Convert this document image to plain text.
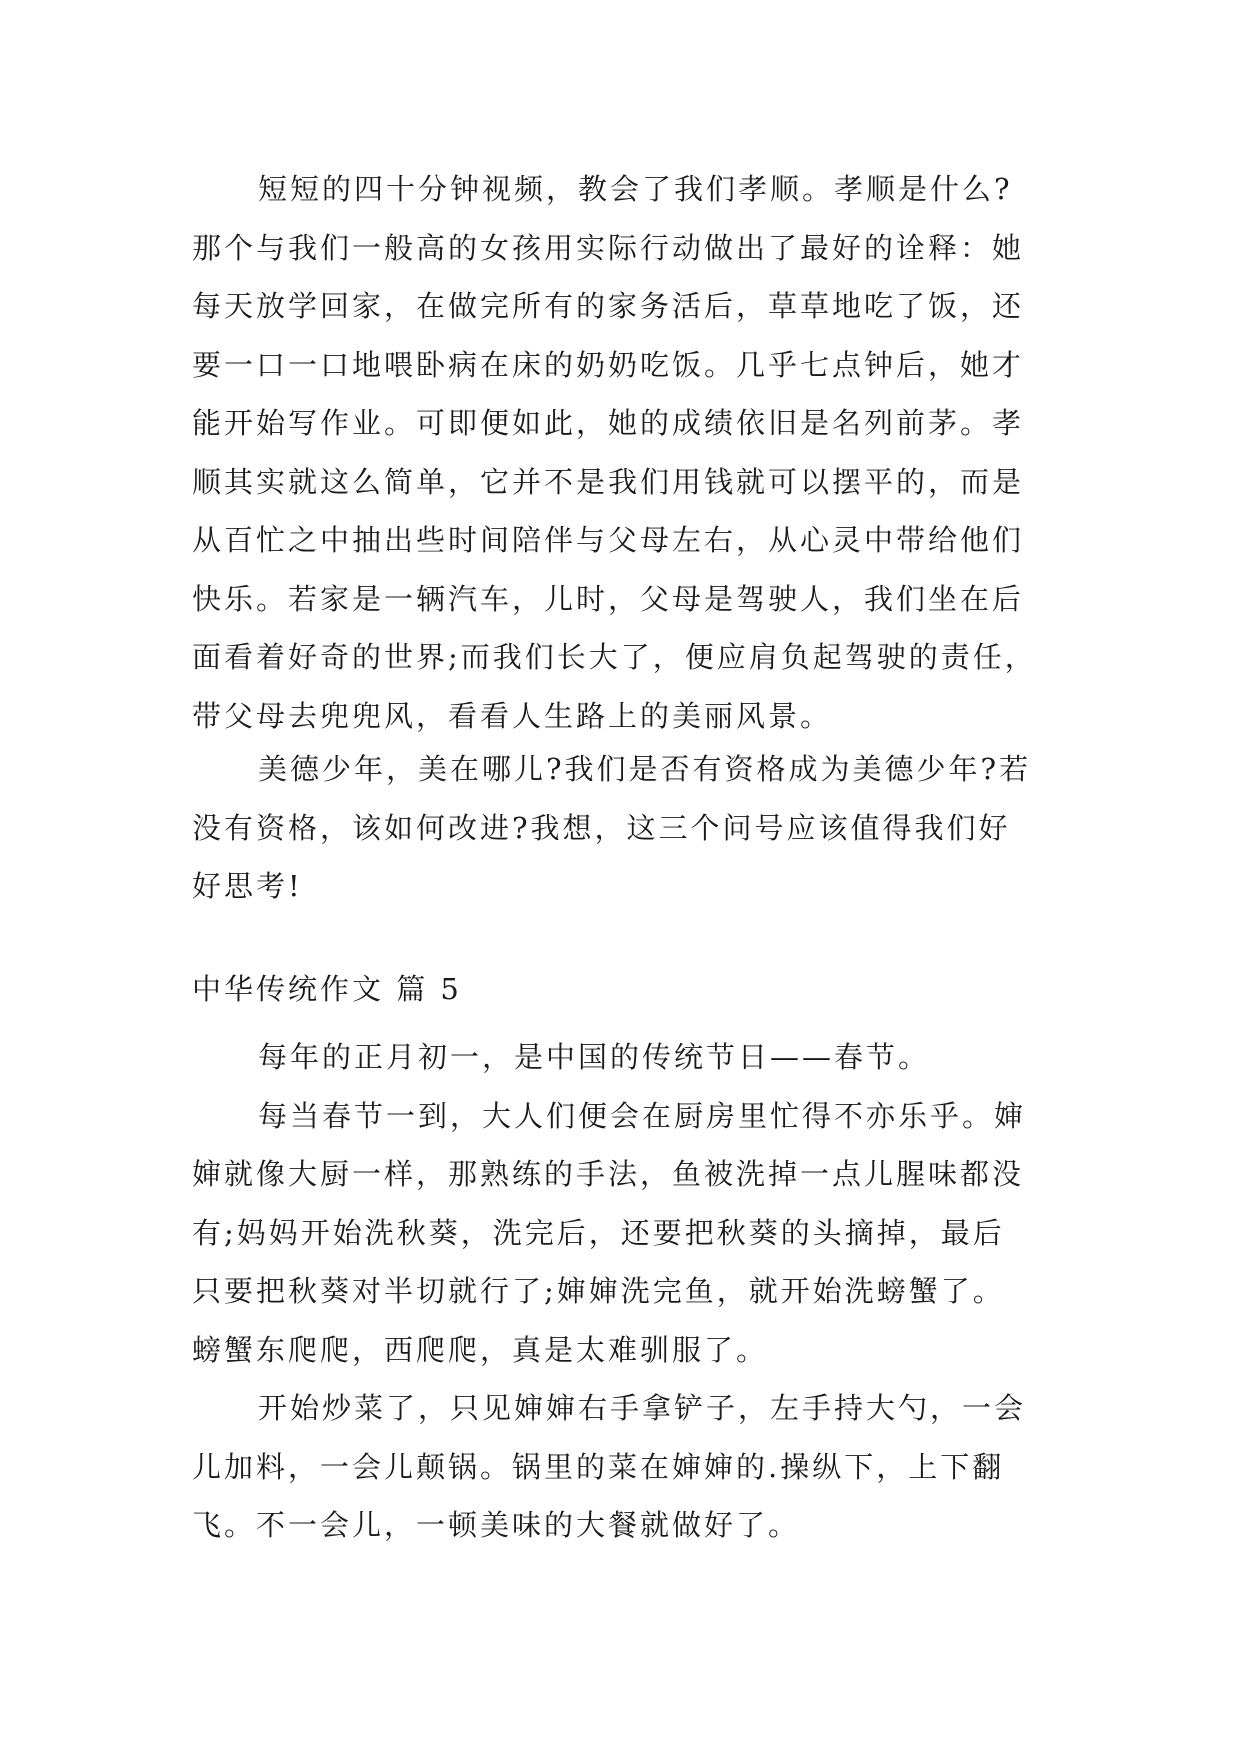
短短的四十分钟视频，教会了我们孝顺。孝顺是什么?
那个与我们一般高的女孩用实际行动做出了最好的诠释：她
每天放学回家，在做完所有的家务活后，草草地吃了饭，还
要一口一口地喂卧病在床的奶奶吃饭。几乎七点钟后，她才
能开始写作业。可即便如此，她的成绩依旧是名列前茅。孝
顺其实就这么简单，它并不是我们用钱就可以摆平的，而是
从百忙之中抽出些时间陪伴与父母左右，从心灵中带给他们
快乐。若家是一辆汽车，儿时，父母是驾驶人，我们坐在后
面看着好奇的世界;而我们长大了，便应肩负起驾驶的责任，
带父母去兜兜风，看看人生路上的美丽风景。
美德少年，美在哪儿?我们是否有资格成为美德少年?若
没有资格，该如何改进?我想，这三个问号应该值得我们好
好思考!
中华传统作文 篇 5
每年的正月初一，是中国的传统节日——春节。
每当春节一到，大人们便会在厨房里忙得不亦乐乎。婶
婶就像大厨一样，那熟练的手法，鱼被洗掉一点儿腥味都没
有;妈妈开始洗秋葵，洗完后，还要把秋葵的头摘掉，最后
只要把秋葵对半切就行了;婶婶洗完鱼，就开始洗螃蟹了。
螃蟹东爬爬，西爬爬，真是太难驯服了。
开始炒菜了，只见婶婶右手拿铲子，左手持大勺，一会
儿加料，一会儿颠锅。锅里的菜在婶婶的.操纵下，上下翻
飞。不一会儿，一顿美味的大餐就做好了。
